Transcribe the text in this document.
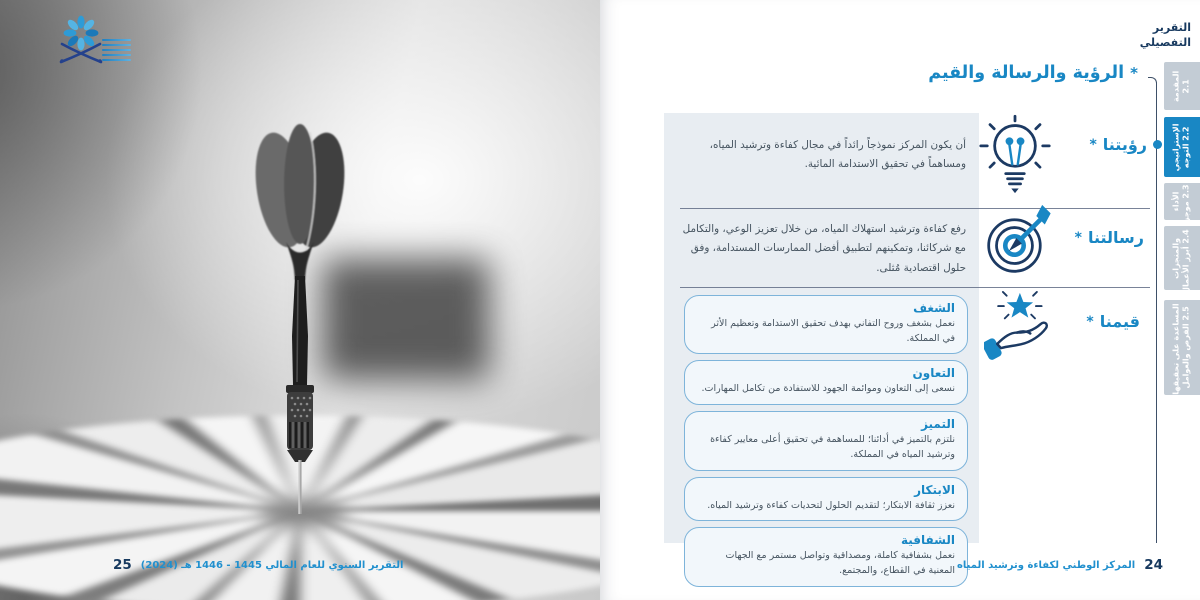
25 التقرير السنوي للعام المالي 1445 - 1446 هـ (2024)
التقرير
التفصيلي
*
الرؤية والرسالة والقيم
أن يكون المركز نموذجاً رائداً في مجال كفاءة وترشيد المياه، ومساهماً في تحقيق الاستدامة المائية.
رفع كفاءة وترشيد استهلاك المياه، من خلال تعزيز الوعي، والتكامل مع شركائنا، وتمكينهم لتطبيق أفضل الممارسات المستدامة، وفق حلول اقتصادية مُثلى.
الشغف

نعمل بشغف وروح التفاني بهدف تحقيق الاستدامة وتعظيم الأثر في المملكة.

التعاون

نسعى إلى التعاون وموائمة الجهود للاستفادة من تكامل المهارات.

التميز

نلتزم بالتميز في أدائنا؛ للمساهمة في تحقيق أعلى معايير كفاءة وترشيد المياه في المملكة.

الابتكار

نعزز ثقافة الابتكار؛ لتقديم الحلول لتحديات كفاءة وترشيد المياه.

الشفافية

نعمل بشفافية كاملة، ومصداقية وتواصل مستمر مع الجهات المعنية في القطاع، والمجتمع.

رؤيتنا
*
رسالتنا
*
قيمنا
*
2.1
المقدمة
2.2 التوجه
الإستراتيجي
2.3 موجز
الأداء
2.4 أبرز الأعمال
والمنجزات
2.5 الفرص والعوامل
المساعدة على تحقيقها
24
المركز الوطني لكفاءة وترشيد المياه
